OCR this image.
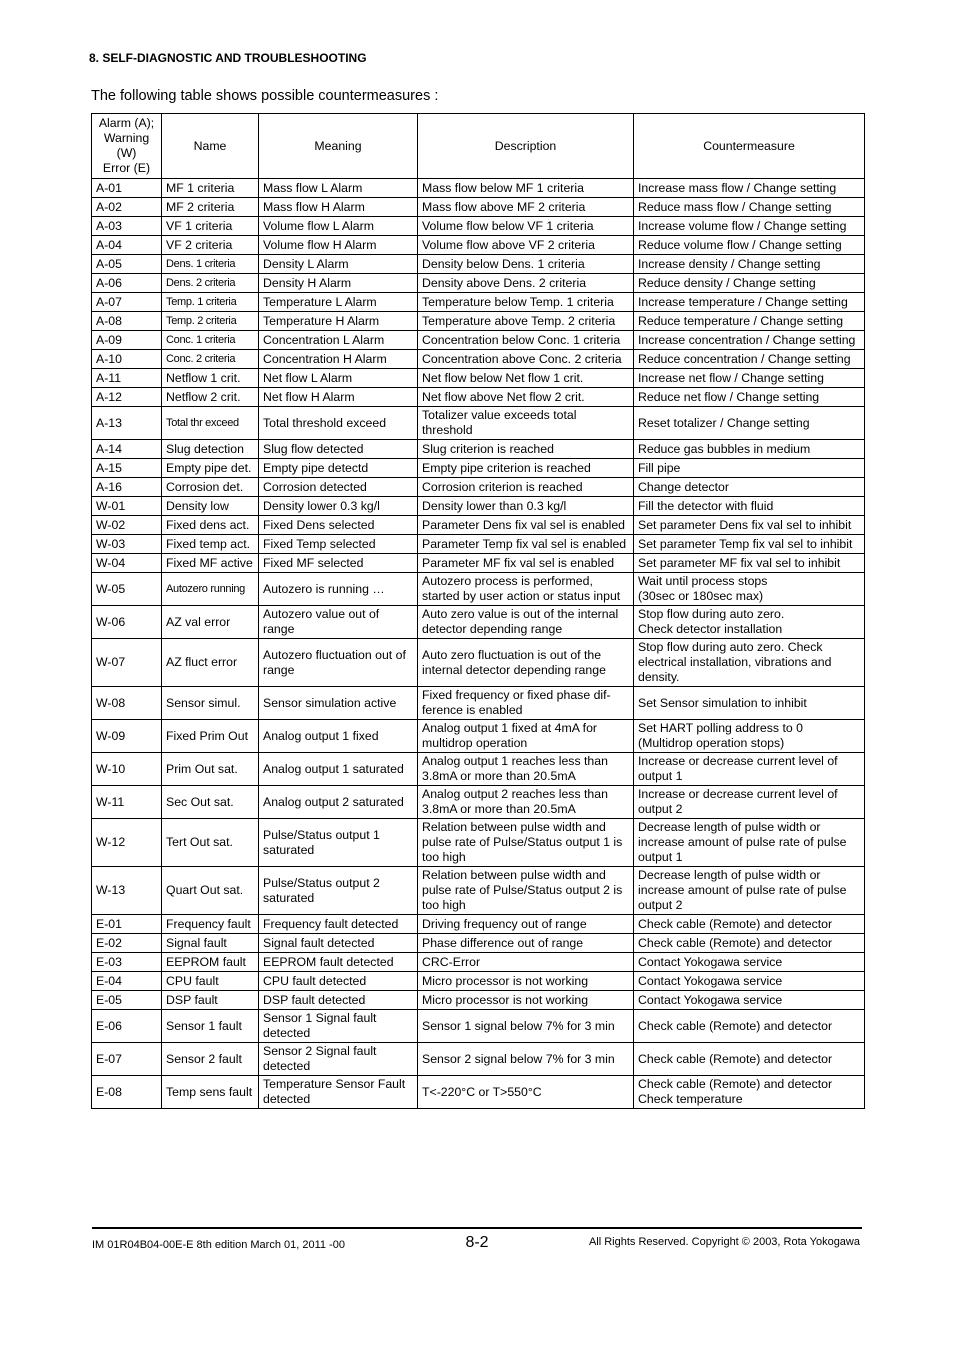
8. SELF-DIAGNOSTIC AND TROUBLESHOOTING
The following table shows possible countermeasures :
Alarm (A);
Warning
(W)
Error (E)	Name	Meaning	Description	Countermeasure
A-01	MF 1 criteria	Mass flow L Alarm	Mass flow below MF 1 criteria	Increase mass flow / Change setting
A-02	MF 2 criteria	Mass flow H Alarm	Mass flow above MF 2 criteria	Reduce mass flow / Change setting
A-03	VF 1 criteria	Volume flow L Alarm	Volume flow below VF 1 criteria	Increase volume flow / Change setting
A-04	VF 2 criteria	Volume flow H Alarm	Volume flow above VF 2 criteria	Reduce volume flow / Change setting
A-05	Dens. 1 criteria	Density L Alarm	Density below Dens. 1 criteria	Increase density / Change setting
A-06	Dens. 2 criteria	Density H Alarm	Density above Dens. 2 criteria	Reduce density / Change setting
A-07	Temp. 1 criteria	Temperature L Alarm	Temperature below Temp. 1 criteria	Increase temperature / Change setting
A-08	Temp. 2 criteria	Temperature H Alarm	Temperature above Temp. 2 criteria	Reduce temperature / Change setting
A-09	Conc. 1 criteria	Concentration L Alarm	Concentration below Conc. 1 criteria	Increase concentration / Change setting
A-10	Conc. 2 criteria	Concentration H Alarm	Concentration above Conc. 2 criteria	Reduce concentration / Change setting
A-11	Netflow 1 crit.	Net flow L Alarm	Net flow below Net flow 1 crit.	Increase net flow / Change setting
A-12	Netflow 2 crit.	Net flow H Alarm	Net flow above Net flow 2 crit.	Reduce net flow / Change setting
A-13	Total thr exceed	Total threshold exceed	Totalizer value exceeds total threshold	Reset totalizer / Change setting
A-14	Slug detection	Slug flow detected	Slug criterion is reached	Reduce gas bubbles in medium
A-15	Empty pipe det.	Empty pipe detectd	Empty pipe criterion is reached	Fill pipe
A-16	Corrosion det.	Corrosion detected	Corrosion criterion is reached	Change detector
W-01	Density low	Density lower 0.3 kg/l	Density lower than 0.3 kg/l	Fill the detector with fluid
W-02	Fixed dens act.	Fixed Dens selected	Parameter Dens fix val sel is enabled	Set parameter Dens fix val sel to inhibit
W-03	Fixed temp act.	Fixed Temp selected	Parameter Temp fix val sel is enabled	Set parameter Temp fix val sel to inhibit
W-04	Fixed MF active	Fixed MF selected	Parameter MF fix val sel is enabled	Set parameter MF fix val sel to inhibit
W-05	Autozero running	Autozero is running …	Autozero process is performed, started by user action or status input	Wait until process stops
(30sec or 180sec max)
W-06	AZ val error	Autozero value out of range	Auto zero value is out of the internal detector depending range	Stop flow during auto zero.
Check detector installation
W-07	AZ fluct error	Autozero fluctuation out of range	Auto zero fluctuation is out of the internal detector depending range	Stop flow during auto zero. Check electrical installation, vibrations and density.
W-08	Sensor simul.	Sensor simulation active	Fixed frequency or fixed phase dif-ference is enabled	Set Sensor simulation to inhibit
W-09	Fixed Prim Out	Analog output 1 fixed	Analog output 1 fixed at 4mA for multidrop operation	Set HART polling address to 0
(Multidrop operation stops)
W-10	Prim Out sat.	Analog output 1 saturated	Analog output 1 reaches less than 3.8mA or more than 20.5mA	Increase or decrease current level of output 1
W-11	Sec Out sat.	Analog output 2 saturated	Analog output 2 reaches less than 3.8mA or more than 20.5mA	Increase or decrease current level of output 2
W-12	Tert Out sat.	Pulse/Status output 1 saturated	Relation between pulse width and pulse rate of Pulse/Status output 1 is too high	Decrease length of pulse width or increase amount of pulse rate of pulse output 1
W-13	Quart Out sat.	Pulse/Status output 2 saturated	Relation between pulse width and pulse rate of Pulse/Status output 2 is too high	Decrease length of pulse width or increase amount of pulse rate of pulse output 2
E-01	Frequency fault	Frequency fault detected	Driving frequency out of range	Check cable (Remote) and detector
E-02	Signal fault	Signal fault detected	Phase difference out of range	Check cable (Remote) and detector
E-03	EEPROM fault	EEPROM fault detected	CRC-Error	Contact Yokogawa service
E-04	CPU fault	CPU fault detected	Micro processor is not working	Contact Yokogawa service
E-05	DSP fault	DSP fault detected	Micro processor is not working	Contact Yokogawa service
E-06	Sensor 1 fault	Sensor 1 Signal fault detected	Sensor 1 signal below 7% for 3 min	Check cable (Remote) and detector
E-07	Sensor 2 fault	Sensor 2 Signal fault detected	Sensor 2 signal below 7% for 3 min	Check cable (Remote) and detector
E-08	Temp sens fault	Temperature Sensor Fault detected	T<-220°C or T>550°C	Check cable (Remote) and detector
Check temperature
IM 01R04B04-00E-E 8th edition March 01, 2011 -00	8-2	All Rights Reserved. Copyright © 2003, Rota Yokogawa
